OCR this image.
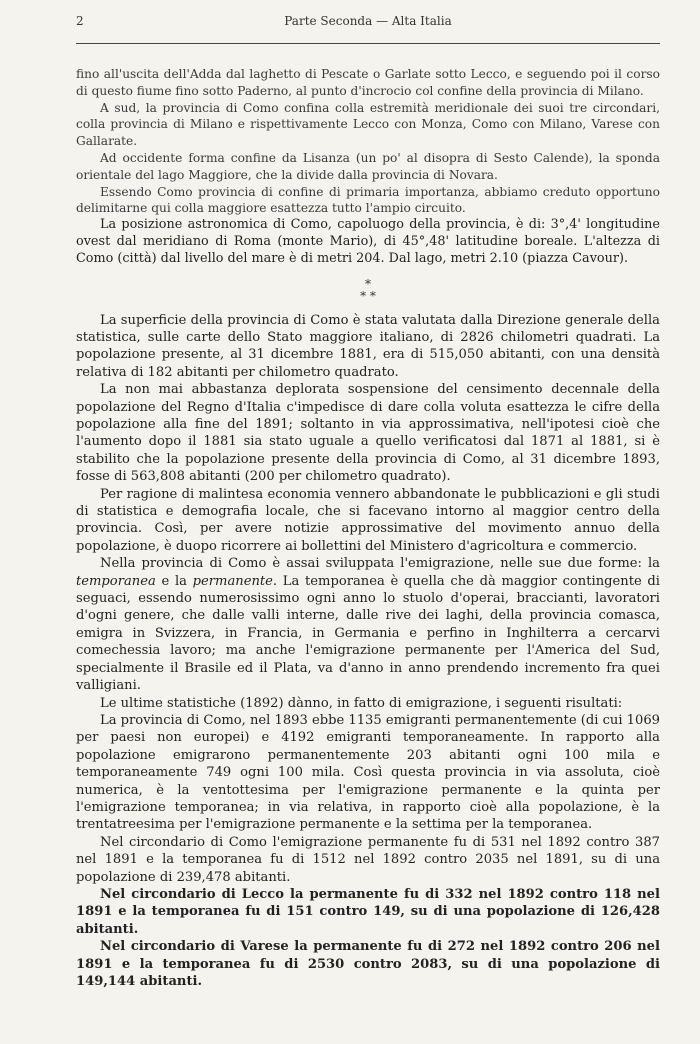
2	Parte Seconda — Alta Italia

fino all'uscita dell'Adda dal laghetto di Pescate o Garlate sotto Lecco, e seguendo poi il corso di questo fiume fino sotto Paderno, al punto d'incrocio col confine della provincia di Milano.

A sud, la provincia di Como confina colla estremità meridionale dei suoi tre circondari, colla provincia di Milano e rispettivamente Lecco con Monza, Como con Milano, Varese con Gallarate.

Ad occidente forma confine da Lisanza (un po' al disopra di Sesto Calende), la sponda orientale del lago Maggiore, che la divide dalla provincia di Novara.

Essendo Como provincia di confine di primaria importanza, abbiamo creduto opportuno delimitarne qui colla maggiore esattezza tutto l'ampio circuito.

La posizione astronomica di Como, capoluogo della provincia, è di: 3°,4' longitudine ovest dal meridiano di Roma (monte Mario), di 45°,48' latitudine boreale. L'altezza di Como (città) dal livello del mare è di metri 204. Dal lago, metri 2.10 (piazza Cavour).

*
* *

La superficie della provincia di Como è stata valutata dalla Direzione generale della statistica, sulle carte dello Stato maggiore italiano, di 2826 chilometri quadrati. La popolazione presente, al 31 dicembre 1881, era di 515,050 abitanti, con una densità relativa di 182 abitanti per chilometro quadrato.

La non mai abbastanza deplorata sospensione del censimento decennale della popolazione del Regno d'Italia c'impedisce di dare colla voluta esattezza le cifre della popolazione alla fine del 1891; soltanto in via approssimativa, nell'ipotesi cioè che l'aumento dopo il 1881 sia stato uguale a quello verificatosi dal 1871 al 1881, si è stabilito che la popolazione presente della provincia di Como, al 31 dicembre 1893, fosse di 563,808 abitanti (200 per chilometro quadrato).

Per ragione di malintesa economia vennero abbandonate le pubblicazioni e gli studi di statistica e demografia locale, che si facevano intorno al maggior centro della provincia. Così, per avere notizie approssimative del movimento annuo della popolazione, è duopo ricorrere ai bollettini del Ministero d'agricoltura e commercio.

Nella provincia di Como è assai sviluppata l'emigrazione, nelle sue due forme: la temporanea e la permanente. La temporanea è quella che dà maggior contingente di seguaci, essendo numerosissimo ogni anno lo stuolo d'operai, braccianti, lavoratori d'ogni genere, che dalle valli interne, dalle rive dei laghi, della provincia comasca, emigra in Svizzera, in Francia, in Germania e perfino in Inghilterra a cercarvi comechessia lavoro; ma anche l'emigrazione permanente per l'America del Sud, specialmente il Brasile ed il Plata, va d'anno in anno prendendo incremento fra quei valligiani.

Le ultime statistiche (1892) dànno, in fatto di emigrazione, i seguenti risultati:

La provincia di Como, nel 1893 ebbe 1135 emigranti permanentemente (di cui 1069 per paesi non europei) e 4192 emigranti temporaneamente. In rapporto alla popolazione emigrarono permanentemente 203 abitanti ogni 100 mila e temporaneamente 749 ogni 100 mila. Così questa provincia in via assoluta, cioè numerica, è la ventottesima per l'emigrazione permanente e la quinta per l'emigrazione temporanea; in via relativa, in rapporto cioè alla popolazione, è la trentatreesima per l'emigrazione permanente e la settima per la temporanea.

Nel circondario di Como l'emigrazione permanente fu di 531 nel 1892 contro 387 nel 1891 e la temporanea fu di 1512 nel 1892 contro 2035 nel 1891, su di una popolazione di 239,478 abitanti.

Nel circondario di Lecco la permanente fu di 332 nel 1892 contro 118 nel 1891 e la temporanea fu di 151 contro 149, su di una popolazione di 126,428 abitanti.

Nel circondario di Varese la permanente fu di 272 nel 1892 contro 206 nel 1891 e la temporanea fu di 2530 contro 2083, su di una popolazione di 149,144 abitanti.
